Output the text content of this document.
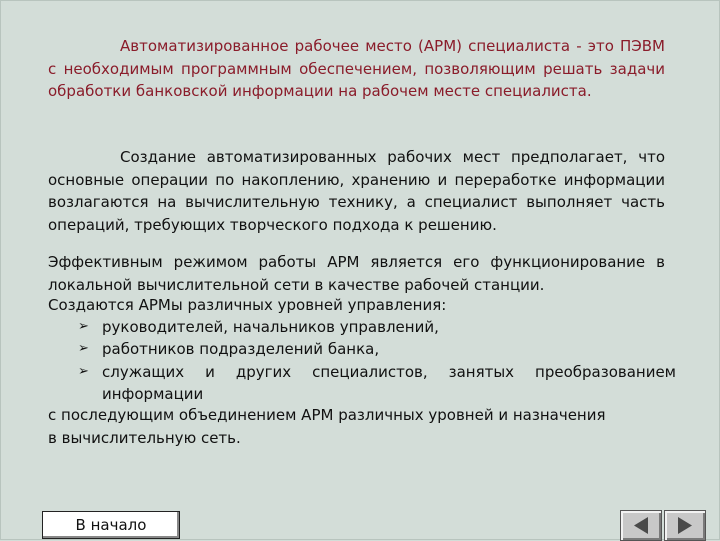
Автоматизированное рабочее место (АРМ) специалиста - это ПЭВМ с необходимым программным обеспечением, позволяющим решать задачи обработки банковской информации на рабочем месте специалиста.

Создание автоматизированных рабочих мест предполагает, что основные операции по накоплению, хранению и переработке информации возлагаются на вычислительную технику, а специалист выполняет часть операций, требующих творческого подхода к решению.

Эффективным режимом работы АРМ является его функционирование в локальной вычислительной сети в качестве рабочей станции.

Создаются АРМы различных уровней управления:

➢ руководителей, начальников управлений,
➢ работников подразделений банка,
➢ служащих и других специалистов, занятых преобразованием информации

с последующим объединением АРМ различных уровней и назначения в вычислительную сеть.

В начало
